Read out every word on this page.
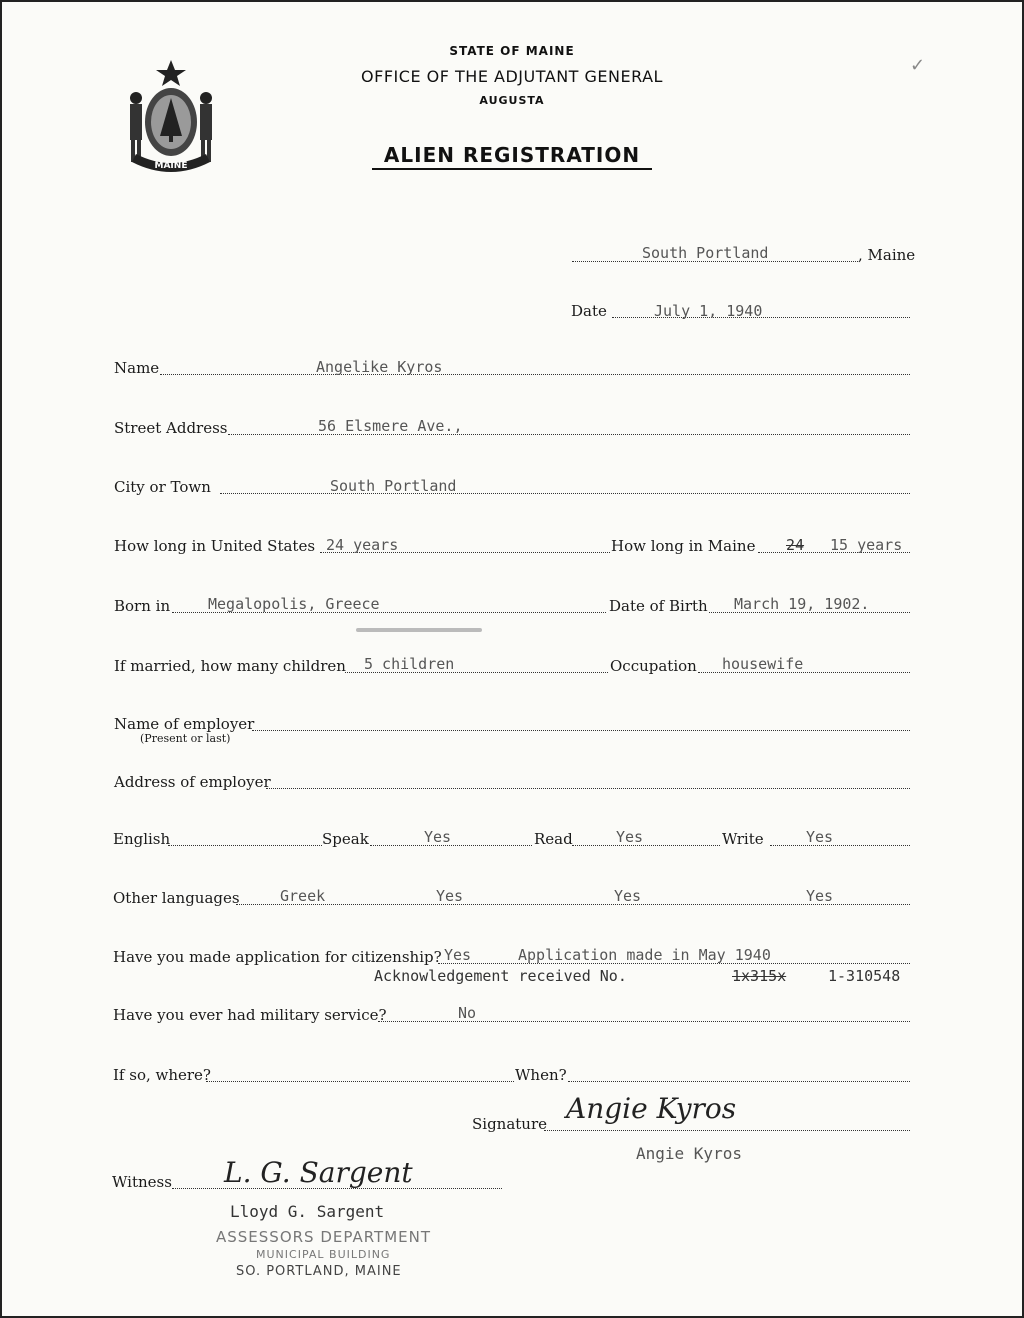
MAINE
✓
STATE OF MAINE
OFFICE OF THE ADJUTANT GENERAL
AUGUSTA
ALIEN REGISTRATION
South Portland	, Maine
Date	July 1, 1940
Name	Angelike Kyros
Street Address	56 Elsmere Ave.,
City or Town	South Portland
How long in United States 24 years	How long in Maine 24 15 years
Born in	Megalopolis, Greece	Date of Birth March 19, 1902.
If married, how many children 5 children	Occupation housewife
Name of employer
(Present or last)
Address of employer
English	Speak	Yes	Read	Yes	Write	Yes
Other languages	Greek	Yes	Yes	Yes
Have you made application for citizenship? Yes	Application made in May 1940
Acknowledgement received No.	1x315x	1-310548
Have you ever had military service?	No
If so, where?	When?
Signature Angie Kyros
Angie Kyros
Witness L. G. Sargent
Lloyd G. Sargent
ASSESSORS DEPARTMENT
MUNICIPAL BUILDING
SO. PORTLAND, MAINE
